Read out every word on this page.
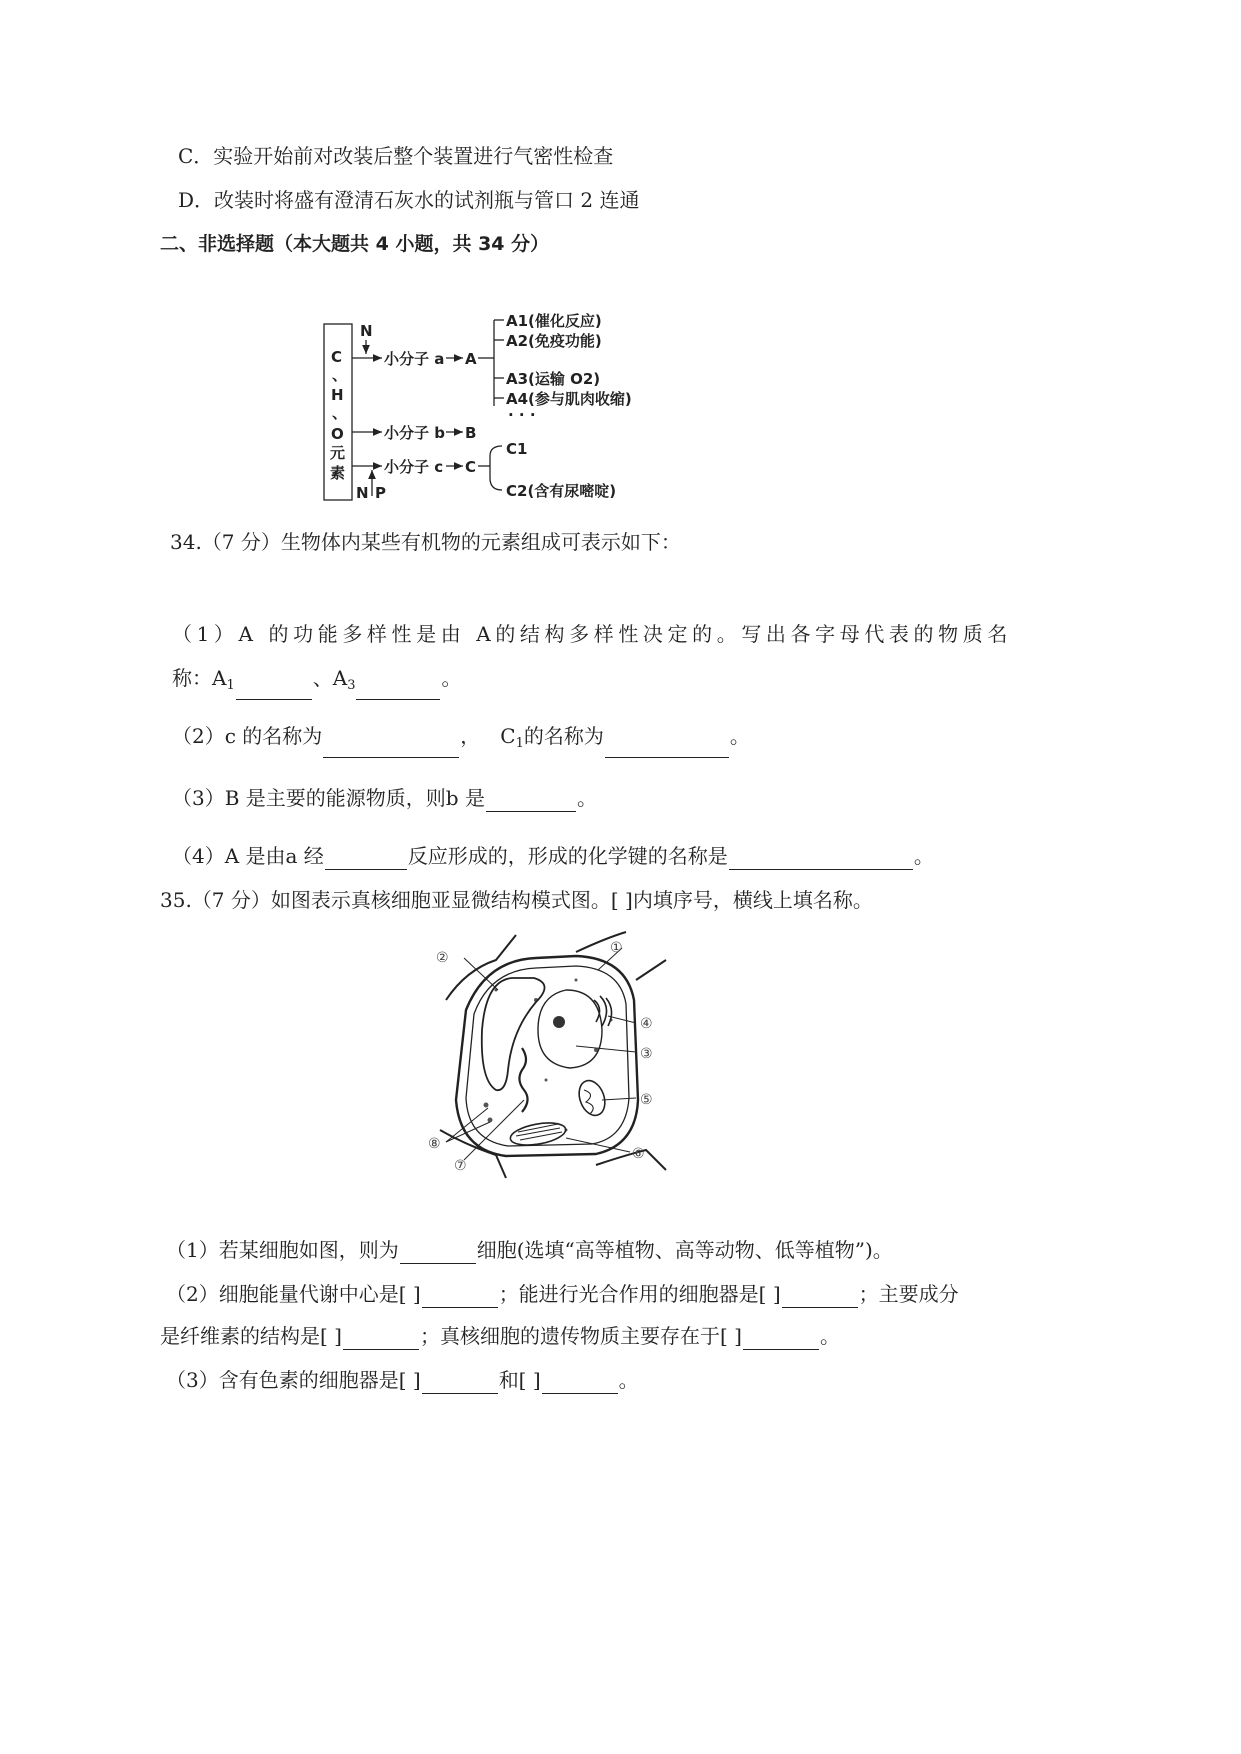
C．实验开始前对改装后整个装置进行气密性检查
D．改装时将盛有澄清石灰水的试剂瓶与管口 2 连通
二、非选择题（本大题共 4 小题，共 34 分）
C
、
H
、
O
元
素
N
小分子 a A
A1(催化反应)
A2(免疫功能)
A3(运输 O2)
A4(参与肌肉收缩)
· · ·
小分子 b B
N P
小分子 c C
C1
C2(含有尿嘧啶)
34.（7 分）生物体内某些有机物的元素组成可表示如下：
（1）A 的功能多样性是由 A的结构多样性决定的。写出各字母代表的物质名
称：$A_1$	、$A_3$	。
（2）c 的名称为	， $C_1$的名称为	。
（3）B 是主要的能源物质，则b 是	。
（4）A 是由a 经	反应形成的，形成的化学键的名称是	。
35.（7 分）如图表示真核细胞亚显微结构模式图。[ ]内填序号，横线上填名称。
①
②
③
④
⑤
⑥
⑦
⑧
（1）若某细胞如图，则为	细胞(选填“高等植物、高等动物、低等植物”)。
（2）细胞能量代谢中心是[ ]	；能进行光合作用的细胞器是[ ]	；主要成分
是纤维素的结构是[ ]	；真核细胞的遗传物质主要存在于[ ]	。
（3）含有色素的细胞器是[ ]	和[ ]	。
